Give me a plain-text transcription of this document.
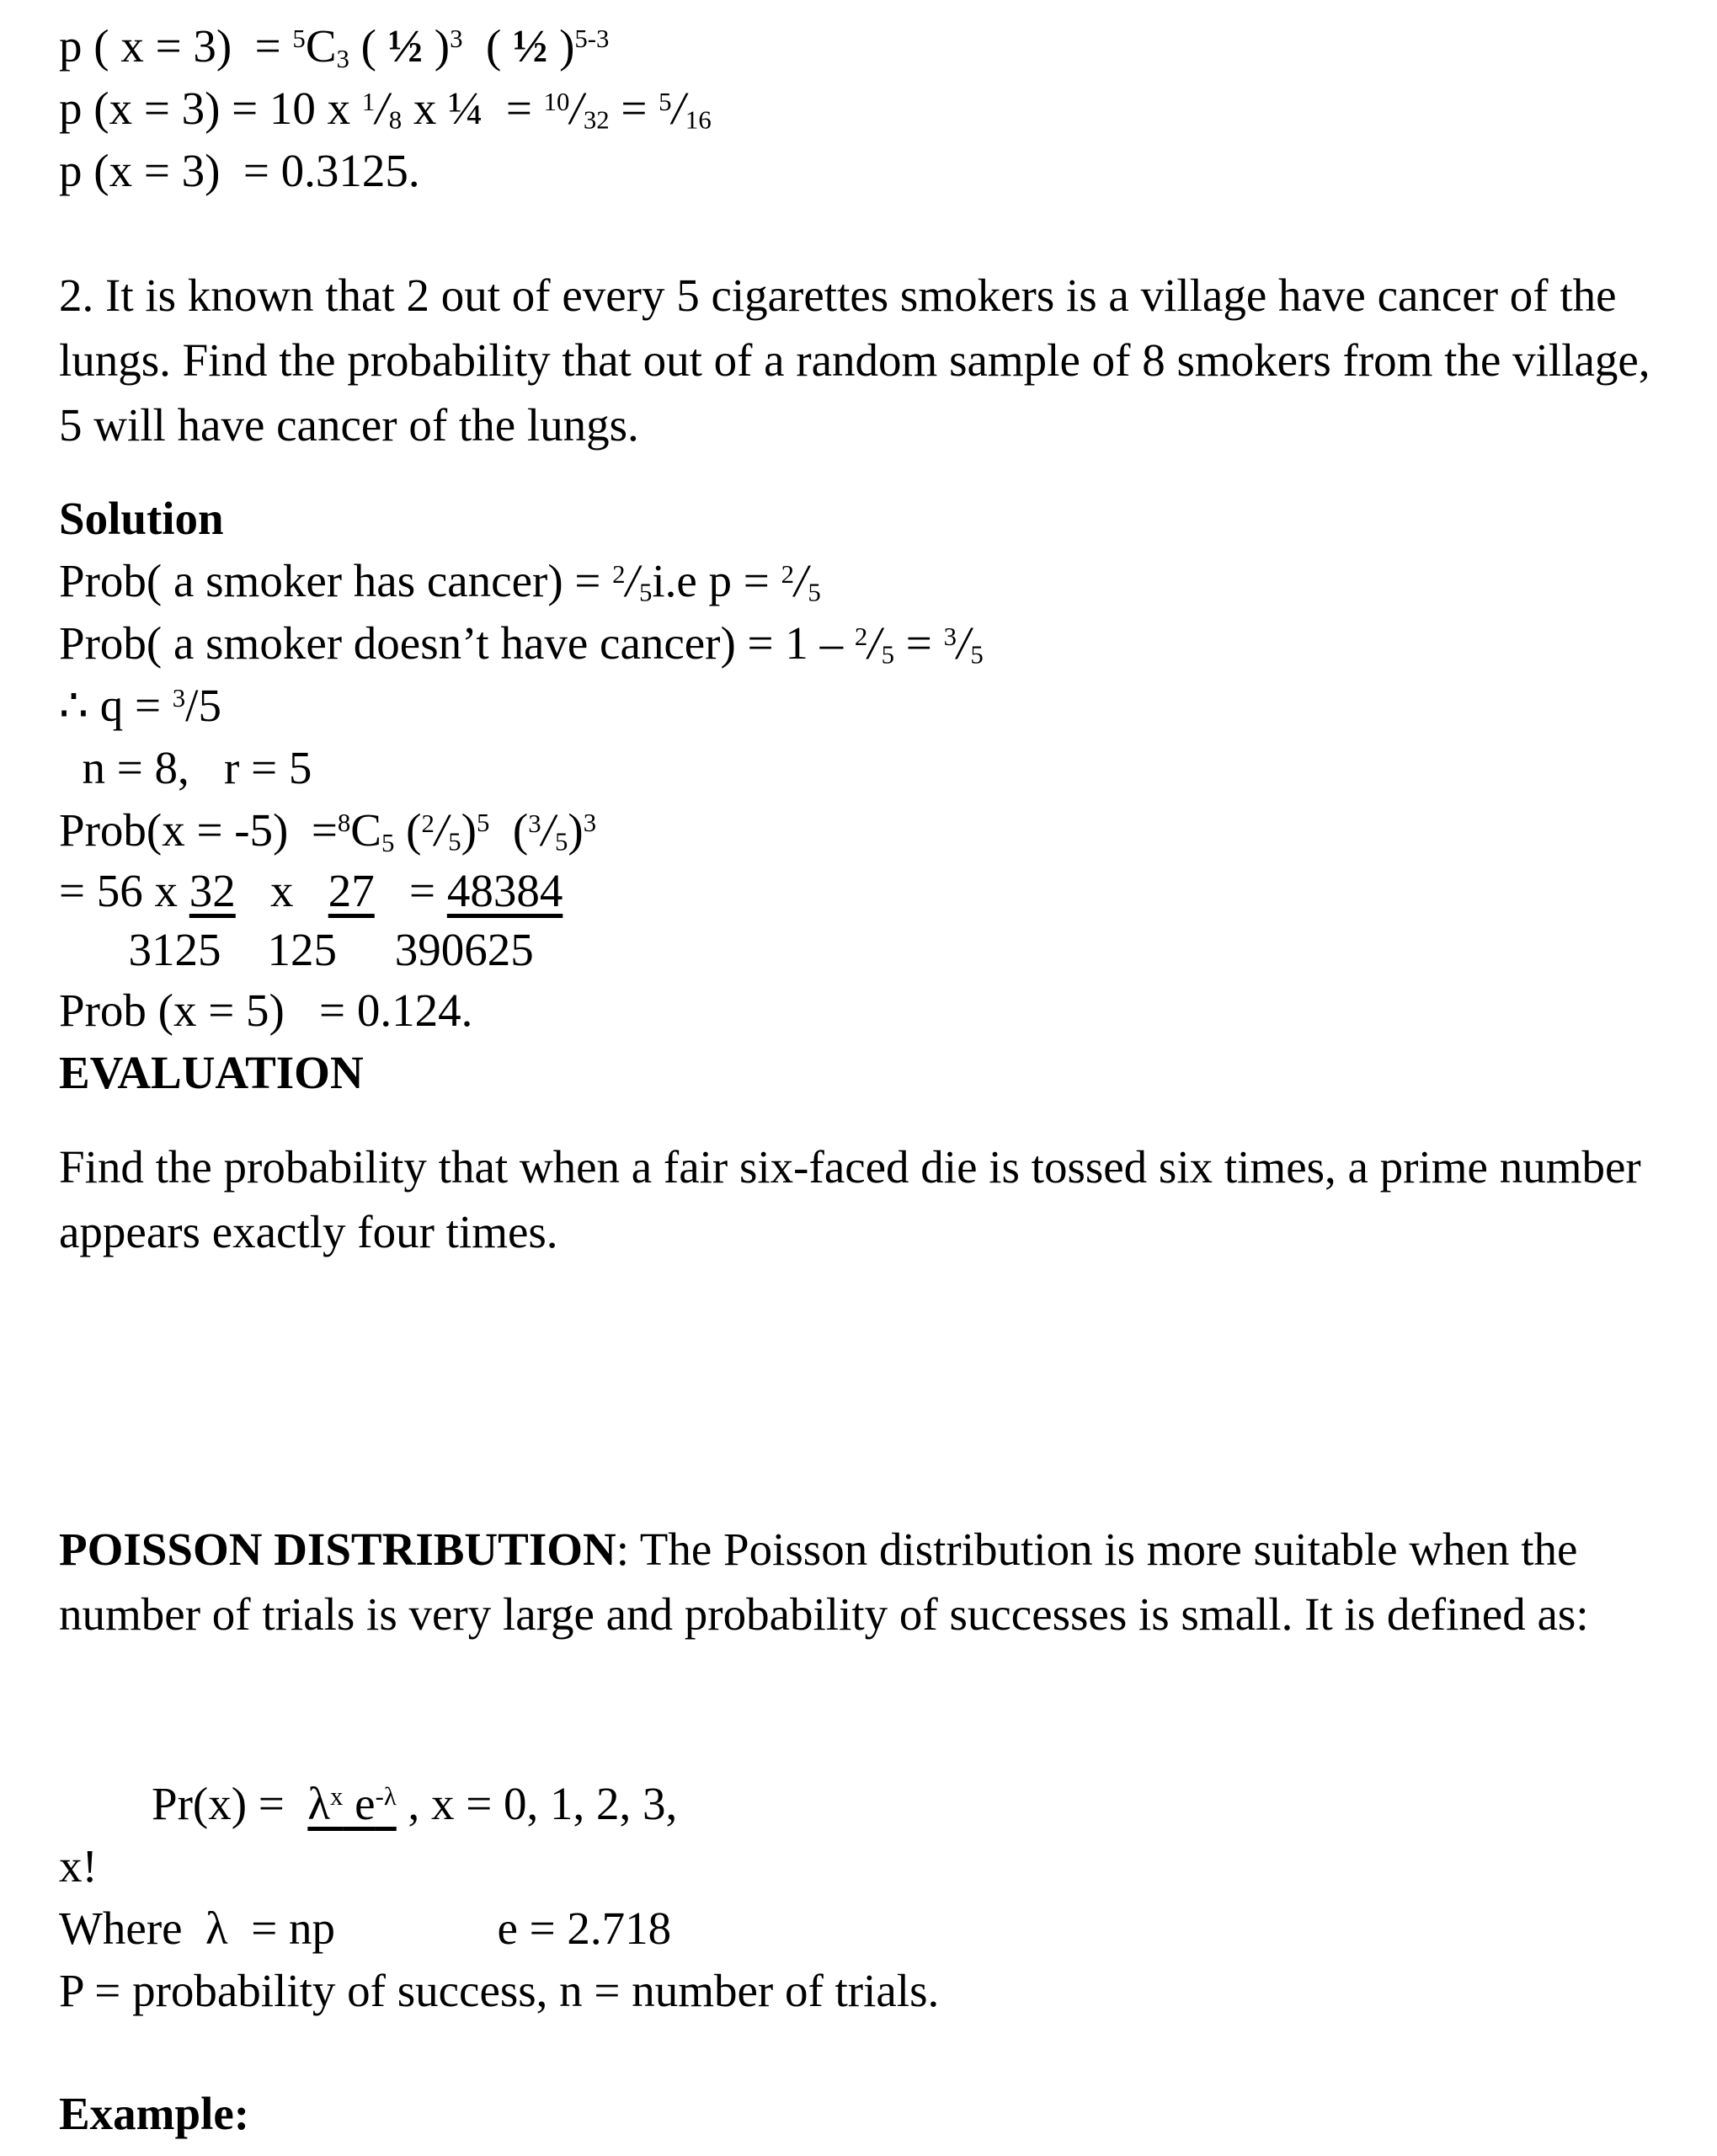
p ( $x = 3) = ^5C_3$ ( ½ )$^3$  ( ½ )$^{5-3}$
p (x = 3) = 10 x $^1$/8 x ¼  = $^{10}$/32 = $^5$/16
p (x = 3)  = 0.3125.
2. It is known that 2 out of every 5 cigarettes smokers is a village have cancer of the lungs. Find the probability that out of a random sample of 8 smokers from the village, 5 will have cancer of the lungs.
Solution
Prob( a smoker has cancer) = $^2$/5i.e p = $^2$/5
Prob( a smoker doesn’t have cancer) = 1 – $^2$/5 = $^3$/5
∴ q = $^3$/5
n = 8,   r = 5
Prob(x = $-5) =^8C_5$ $(^2/5)^5$  $(^3/5)^3$
= 56 x 32   x   27   = 48384
3125 125 390625
Prob (x = 5)   = 0.124.
EVALUATION
Find the probability that when a fair six-faced die is tossed six times, a prime number appears exactly four times.
POISSON DISTRIBUTION: The Poisson distribution is more suitable when the number of trials is very large and probability of successes is small. It is defined as:
$Pr(x) = \lambda^x$ $e^{-\lambda}$ , x = 0, 1, 2, 3,
x!
Where  λ  = np	e = 2.718
P = probability of success, n = number of trials.
Example:
